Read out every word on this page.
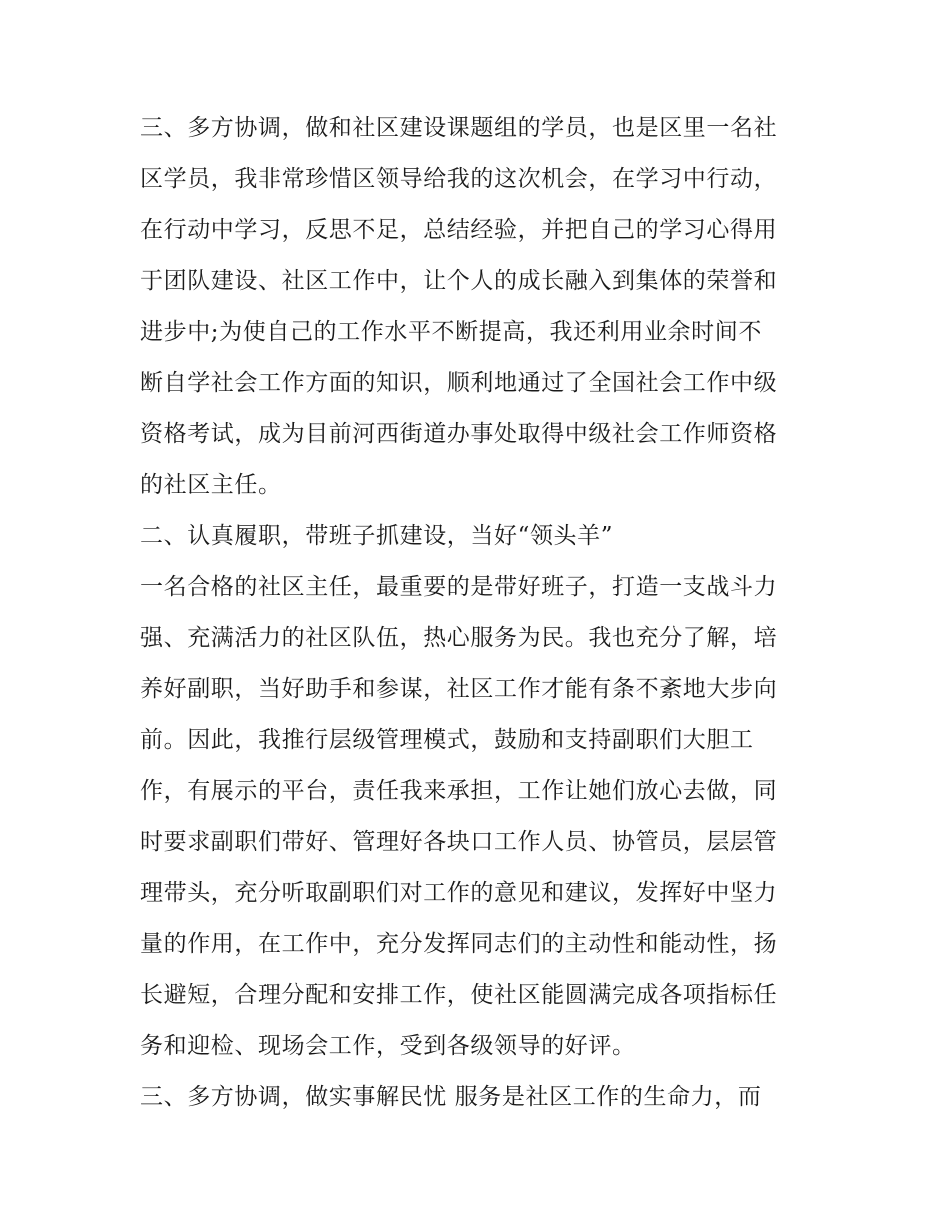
三、多方协调，做和社区建设课题组的学员，也是区里一名社
区学员，我非常珍惜区领导给我的这次机会，在学习中行动，
在行动中学习，反思不足，总结经验，并把自己的学习心得用
于团队建设、社区工作中，让个人的成长融入到集体的荣誉和
进步中;为使自己的工作水平不断提高，我还利用业余时间不
断自学社会工作方面的知识，顺利地通过了全国社会工作中级
资格考试，成为目前河西街道办事处取得中级社会工作师资格
的社区主任。
二、认真履职，带班子抓建设，当好“领头羊”
一名合格的社区主任，最重要的是带好班子，打造一支战斗力
强、充满活力的社区队伍，热心服务为民。我也充分了解，培
养好副职，当好助手和参谋，社区工作才能有条不紊地大步向
前。因此，我推行层级管理模式，鼓励和支持副职们大胆工
作，有展示的平台，责任我来承担，工作让她们放心去做，同
时要求副职们带好、管理好各块口工作人员、协管员，层层管
理带头，充分听取副职们对工作的意见和建议，发挥好中坚力
量的作用，在工作中，充分发挥同志们的主动性和能动性，扬
长避短，合理分配和安排工作，使社区能圆满完成各项指标任
务和迎检、现场会工作，受到各级领导的好评。
三、多方协调，做实事解民忧 服务是社区工作的生命力，而
